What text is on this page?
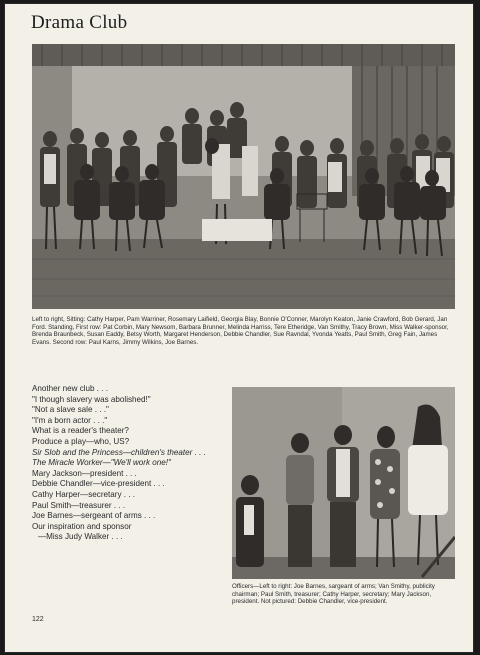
Drama Club

Left to right, Sitting: Cathy Harper, Pam Warriner, Rosemary Laifield, Georgia Blay, Bonnie O'Conner, Marolyn Keaton, Janie Crawford, Bob Gerard, Jan Ford. Standing, First row: Pat Corbin, Mary Newsom, Barbara Brunner, Melinda Harriss, Tere Etheridge, Van Smithy, Tracy Brown, Miss Walker-sponsor, Brenda Braunbeck, Susan Eaddy, Betsy Worth, Margaret Henderson, Debbie Chandler, Sue Ravndal, Yvonda Yeatts, Paul Smith, Greg Fain, James Evans. Second row: Paul Karns, Jimmy Wilkins, Joe Barnes.

Another new club . . .
"I though slavery was abolished!"
"Not a slave sale . . ."
"I'm a born actor . . ."
What is a reader's theater?
Produce a play—who, US?
Sir Slob and the Princess—children's theater . . .
The Miracle Worker—"We'll work one!"
Mary Jackson—president . . .
Debbie Chandler—vice-president . . .
Cathy Harper—secretary . . .
Paul Smith—treasurer . . .
Joe Barnes—sergeant of arms . . .
Our inspiration and sponsor
—Miss Judy Walker . . .

Officers—Left to right: Joe Barnes, sargeant of arms; Van Smithy, publicity chairman; Paul Smith, treasurer; Cathy Harper, secretary; Mary Jackson, president. Not pictured: Debbie Chandler, vice-president.

122
